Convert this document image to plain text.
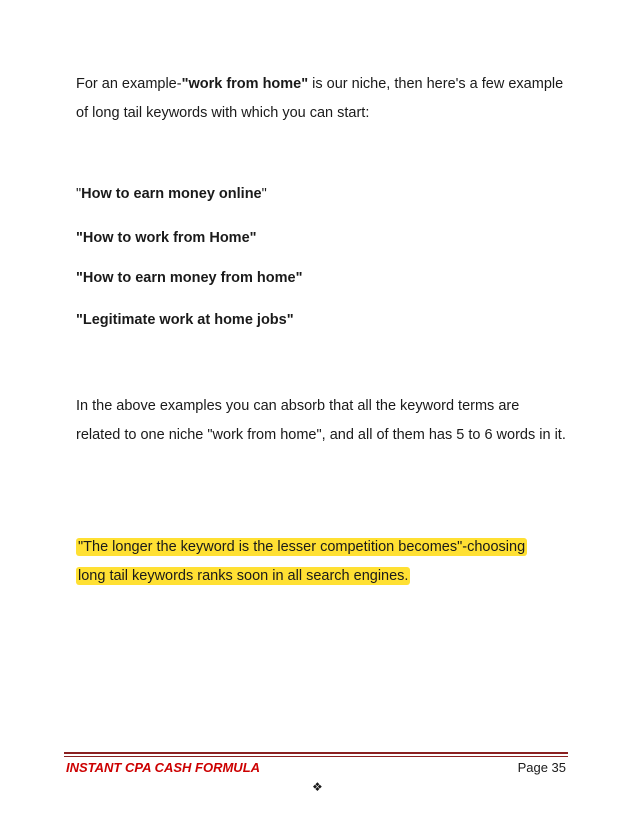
For an example-"work from home" is our niche, then here's a few example of long tail keywords with which you can start:

"How to earn money online"

"How to work from Home"

"How to earn money from home"

"Legitimate work at home jobs"

In the above examples you can absorb that all the keyword terms are related to one niche "work from home", and all of them has 5 to 6 words in it.

"The longer the keyword is the lesser competition becomes"-choosing

long tail keywords ranks soon in all search engines.

INSTANT CPA CASH FORMULA	Page 35
❖
